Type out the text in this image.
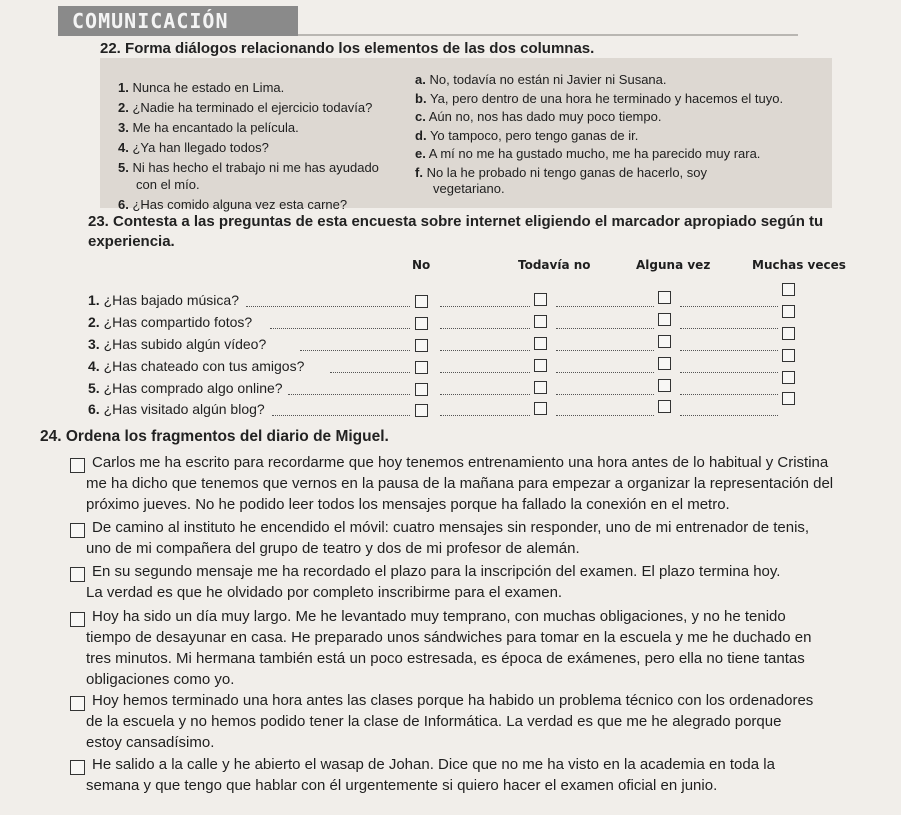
COMUNICACIÓN
22. Forma diálogos relacionando los elementos de las dos columnas.
1. Nunca he estado en Lima.
2. ¿Nadie ha terminado el ejercicio todavía?
3. Me ha encantado la película.
4. ¿Ya han llegado todos?
5. Ni has hecho el trabajo ni me has ayudado
con el mío.
6. ¿Has comido alguna vez esta carne?
a. No, todavía no están ni Javier ni Susana.
b. Ya, pero dentro de una hora he terminado y hacemos el tuyo.
c. Aún no, nos has dado muy poco tiempo.
d. Yo tampoco, pero tengo ganas de ir.
e. A mí no me ha gustado mucho, me ha parecido muy rara.
f. No la he probado ni tengo ganas de hacerlo, soy
vegetariano.
23. Contesta a las preguntas de esta encuesta sobre internet eligiendo el marcador apropiado según tu
experiencia.
No	Todavía no	Alguna vez	Muchas veces
1. ¿Has bajado música?
2. ¿Has compartido fotos?
3. ¿Has subido algún vídeo?
4. ¿Has chateado con tus amigos?
5. ¿Has comprado algo online?
6. ¿Has visitado algún blog?
24. Ordena los fragmentos del diario de Miguel.
Carlos me ha escrito para recordarme que hoy tenemos entrenamiento una hora antes de lo habitual y Cristina
me ha dicho que tenemos que vernos en la pausa de la mañana para empezar a organizar la representación del
próximo jueves. No he podido leer todos los mensajes porque ha fallado la conexión en el metro.
De camino al instituto he encendido el móvil: cuatro mensajes sin responder, uno de mi entrenador de tenis,
uno de mi compañera del grupo de teatro y dos de mi profesor de alemán.
En su segundo mensaje me ha recordado el plazo para la inscripción del examen. El plazo termina hoy.
La verdad es que he olvidado por completo inscribirme para el examen.
Hoy ha sido un día muy largo. Me he levantado muy temprano, con muchas obligaciones, y no he tenido
tiempo de desayunar en casa. He preparado unos sándwiches para tomar en la escuela y me he duchado en
tres minutos. Mi hermana también está un poco estresada, es época de exámenes, pero ella no tiene tantas
obligaciones como yo.
Hoy hemos terminado una hora antes las clases porque ha habido un problema técnico con los ordenadores
de la escuela y no hemos podido tener la clase de Informática. La verdad es que me he alegrado porque
estoy cansadísimo.
He salido a la calle y he abierto el wasap de Johan. Dice que no me ha visto en la academia en toda la
semana y que tengo que hablar con él urgentemente si quiero hacer el examen oficial en junio.
